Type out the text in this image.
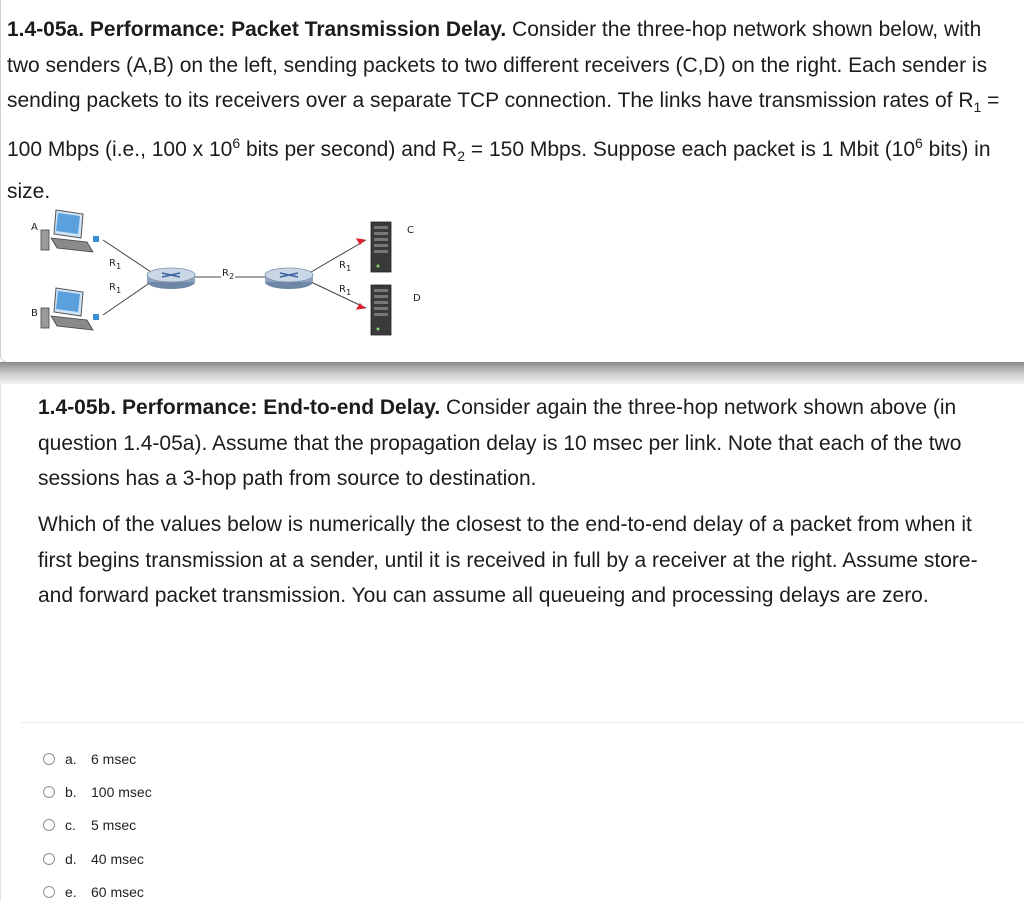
1.4-05a. Performance: Packet Transmission Delay. Consider the three-hop network shown below, with two senders (A,B) on the left, sending packets to two different receivers (C,D) on the right. Each sender is sending packets to its receivers over a separate TCP connection. The links have transmission rates of $R_1 = 100$ Mbps (i.e., 100 x $10^6$ bits per second) and $R_2 = 150$ Mbps. Suppose each packet is 1 Mbit ($10^6$ bits) in size.
A
B
C
D
$R_1$
$R_1$
$R_2$
$R_1$
$R_1$
1.4-05b. Performance: End-to-end Delay. Consider again the three-hop network shown above (in question 1.4-05a). Assume that the propagation delay is 10 msec per link. Note that each of the two sessions has a 3-hop path from source to destination.
Which of the values below is numerically the closest to the end-to-end delay of a packet from when it first begins transmission at a sender, until it is received in full by a receiver at the right. Assume store-and forward packet transmission. You can assume all queueing and processing delays are zero.
a.	6 msec
b.	100 msec
c.	5 msec
d.	40 msec
e.	60 msec
